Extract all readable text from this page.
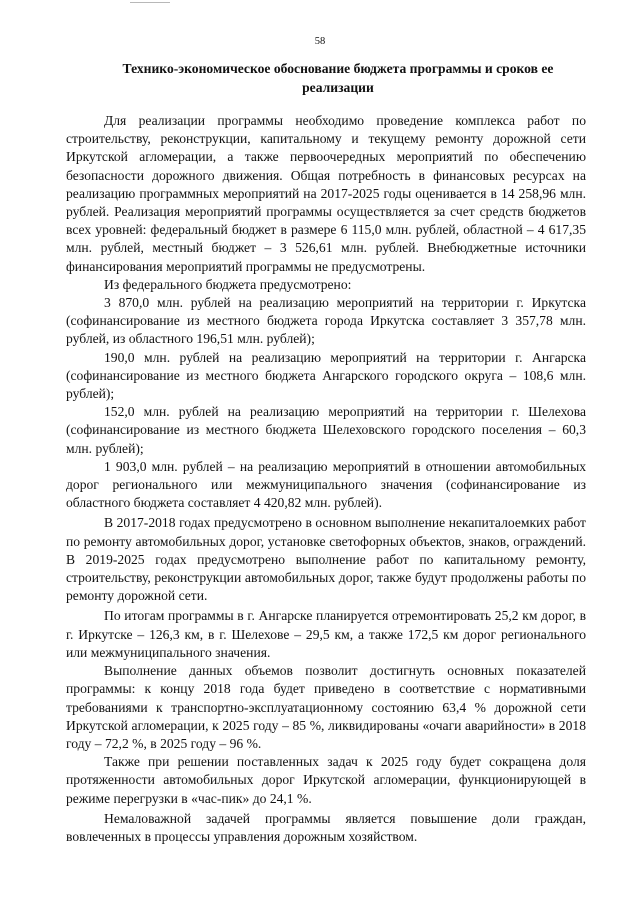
58
Технико-экономическое обоснование бюджета программы и сроков ее реализации

Для реализации программы необходимо проведение комплекса работ по строительству, реконструкции, капитальному и текущему ремонту дорожной сети Иркутской агломерации, а также первоочередных мероприятий по обеспечению безопасности дорожного движения. Общая потребность в финансовых ресурсах на реализацию программных мероприятий на 2017-2025 годы оценивается в 14 258,96 млн. рублей. Реализация мероприятий программы осуществляется за счет средств бюджетов всех уровней: федеральный бюджет в размере 6 115,0 млн. рублей, областной – 4 617,35 млн. рублей, местный бюджет – 3 526,61 млн. рублей. Внебюджетные источники финансирования мероприятий программы не предусмотрены.

Из федерального бюджета предусмотрено:

3 870,0 млн. рублей на реализацию мероприятий на территории г. Иркутска (софинансирование из местного бюджета города Иркутска составляет 3 357,78 млн. рублей, из областного 196,51 млн. рублей);

190,0 млн. рублей на реализацию мероприятий на территории г. Ангарска (софинансирование из местного бюджета Ангарского городского округа – 108,6 млн. рублей);

152,0 млн. рублей на реализацию мероприятий на территории г. Шелехова (софинансирование из местного бюджета Шелеховского городского поселения – 60,3 млн. рублей);

1 903,0 млн. рублей – на реализацию мероприятий в отношении автомобильных дорог регионального или межмуниципального значения (софинансирование из областного бюджета составляет 4 420,82 млн. рублей).

В 2017-2018 годах предусмотрено в основном выполнение некапиталоемких работ по ремонту автомобильных дорог, установке светофорных объектов, знаков, ограждений. В 2019-2025 годах предусмотрено выполнение работ по капитальному ремонту, строительству, реконструкции автомобильных дорог, также будут продолжены работы по ремонту дорожной сети.

По итогам программы в г. Ангарске планируется отремонтировать 25,2 км дорог, в г. Иркутске – 126,3 км, в г. Шелехове – 29,5 км, а также 172,5 км дорог регионального или межмуниципального значения.

Выполнение данных объемов позволит достигнуть основных показателей программы: к концу 2018 года будет приведено в соответствие с нормативными требованиями к транспортно-эксплуатационному состоянию 63,4 % дорожной сети Иркутской агломерации, к 2025 году – 85 %, ликвидированы «очаги аварийности» в 2018 году – 72,2 %, в 2025 году – 96 %.

Также при решении поставленных задач к 2025 году будет сокращена доля протяженности автомобильных дорог Иркутской агломерации, функционирующей в режиме перегрузки в «час-пик» до 24,1 %.

Немаловажной задачей программы является повышение доли граждан, вовлеченных в процессы управления дорожным хозяйством.
